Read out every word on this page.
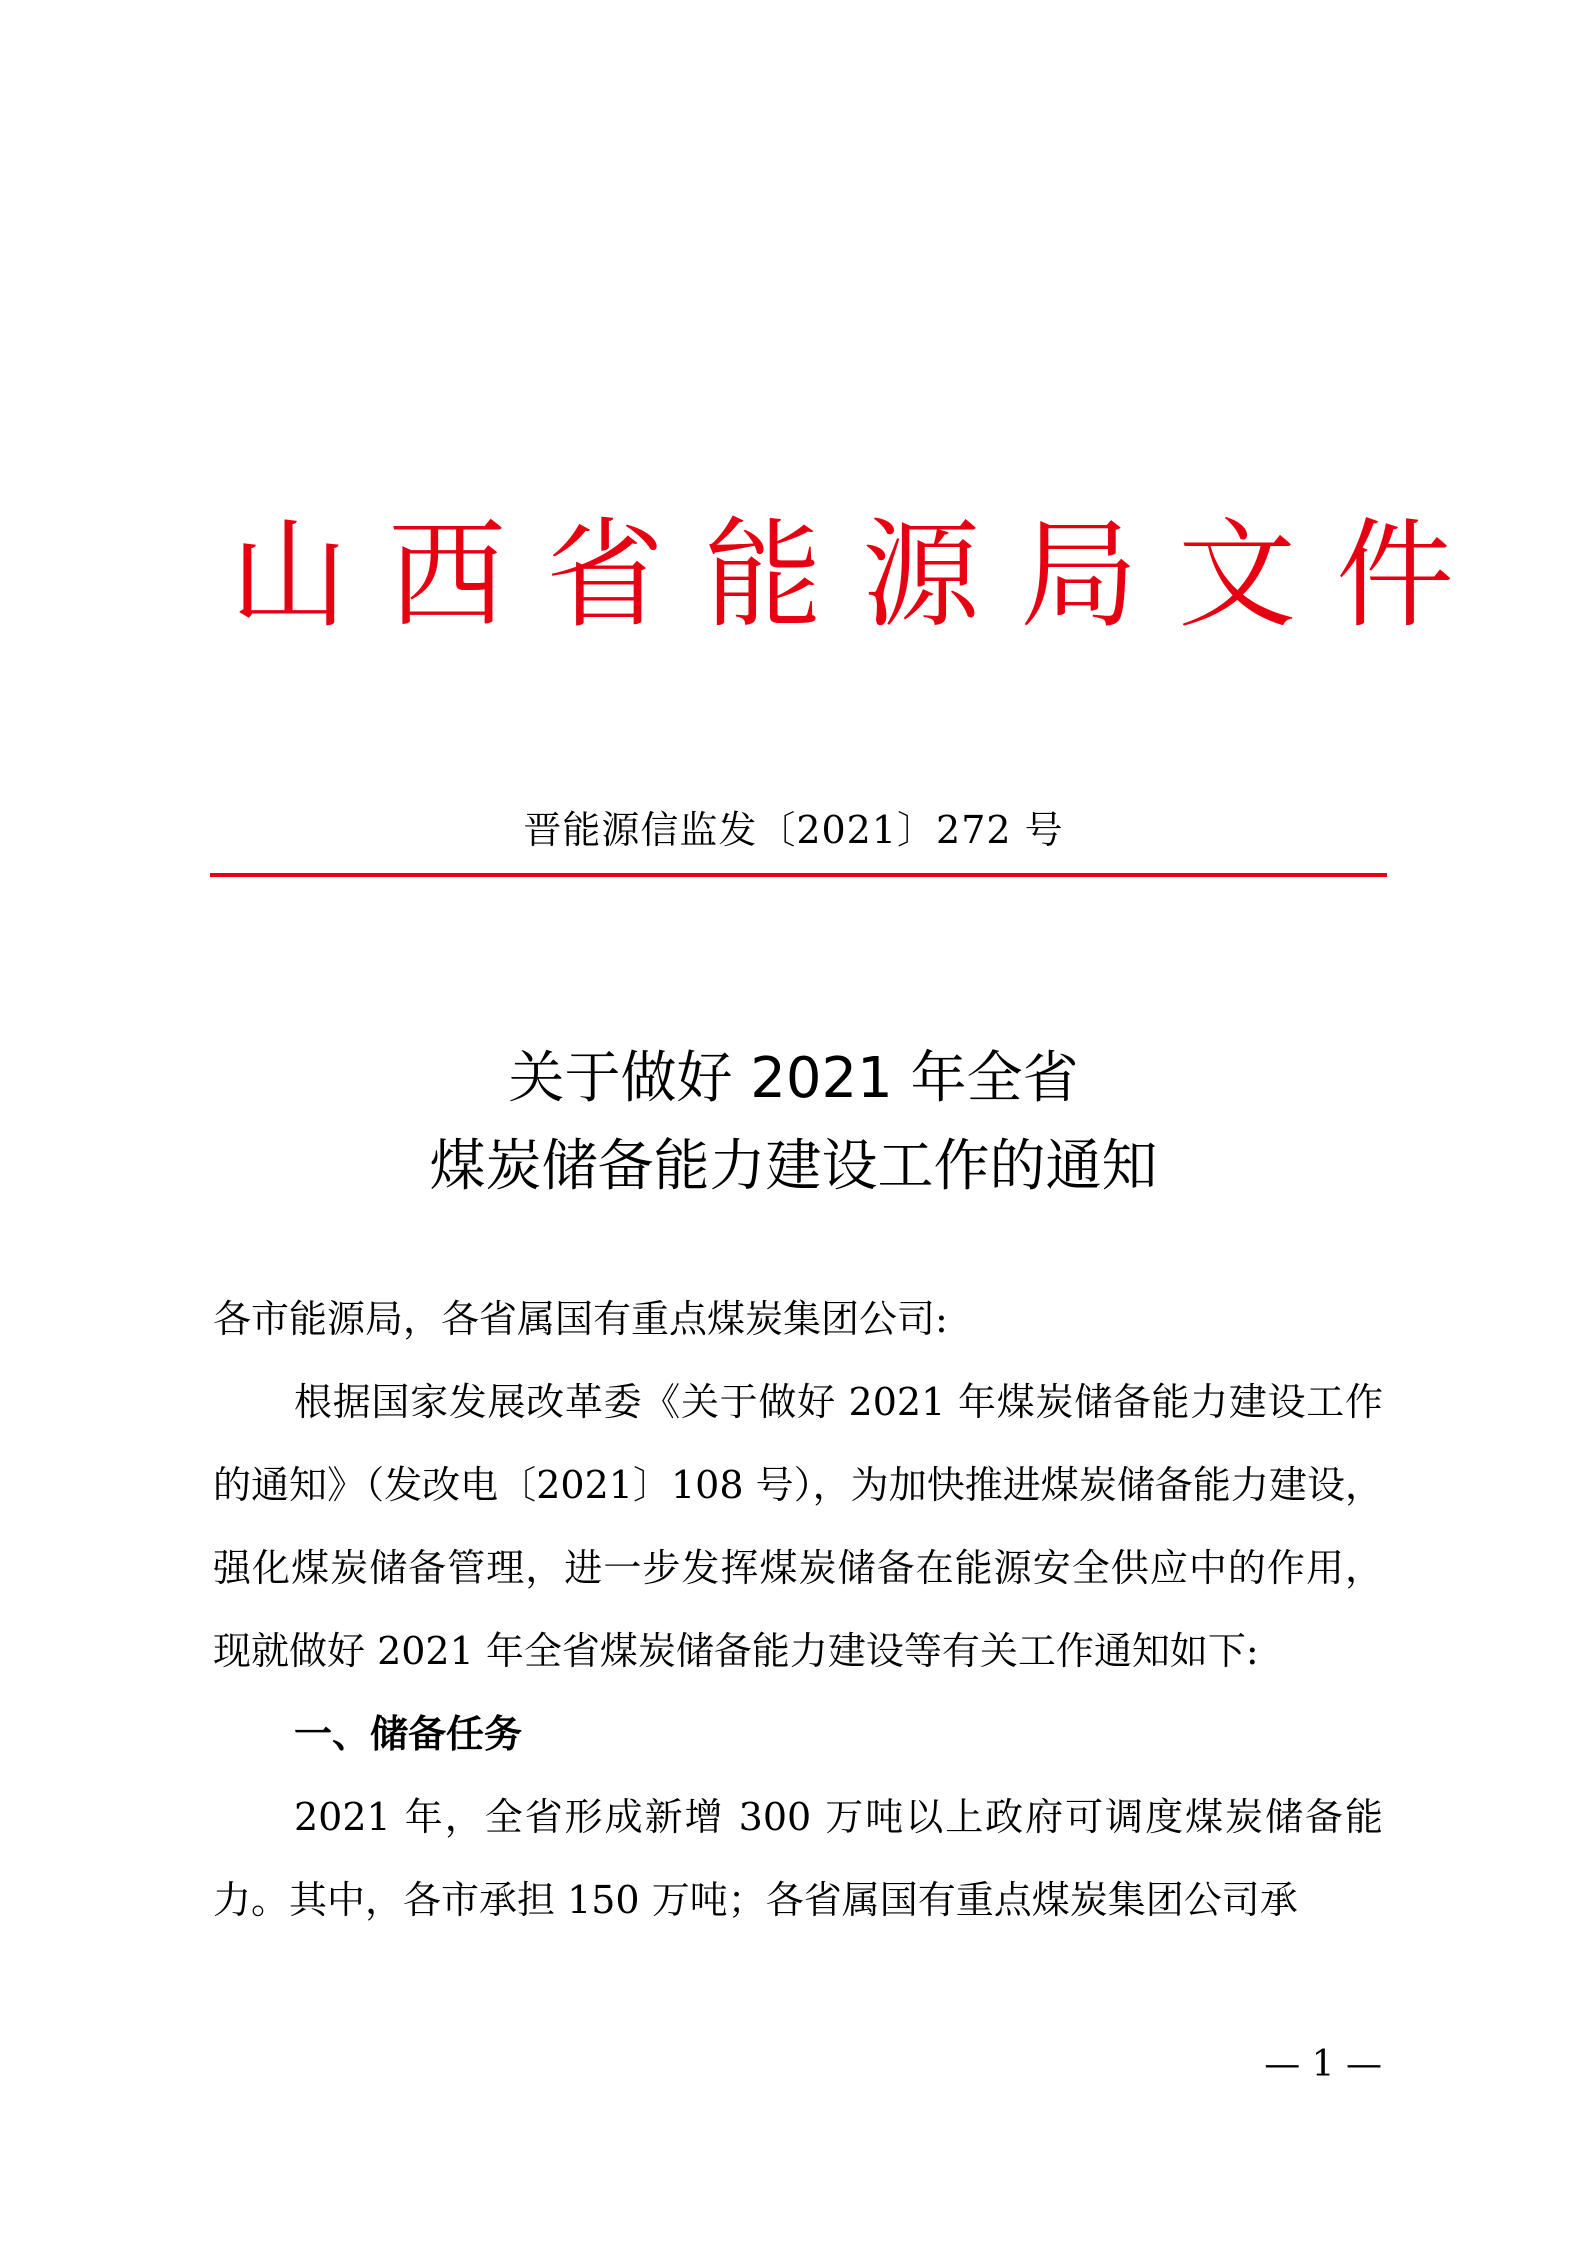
山西省能源局文件
晋能源信监发〔2021〕272 号
关于做好 2021 年全省
煤炭储备能力建设工作的通知

各市能源局，各省属国有重点煤炭集团公司:

根据国家发展改革委《关于做好 2021 年煤炭储备能力建设工作的通知》（发改电〔2021〕108 号），为加快推进煤炭储备能力建设，强化煤炭储备管理，进一步发挥煤炭储备在能源安全供应中的作用，现就做好 2021 年全省煤炭储备能力建设等有关工作通知如下:

一、储备任务

2021 年，全省形成新增 300 万吨以上政府可调度煤炭储备能力。其中，各市承担 150 万吨；各省属国有重点煤炭集团公司承

— 1 —
